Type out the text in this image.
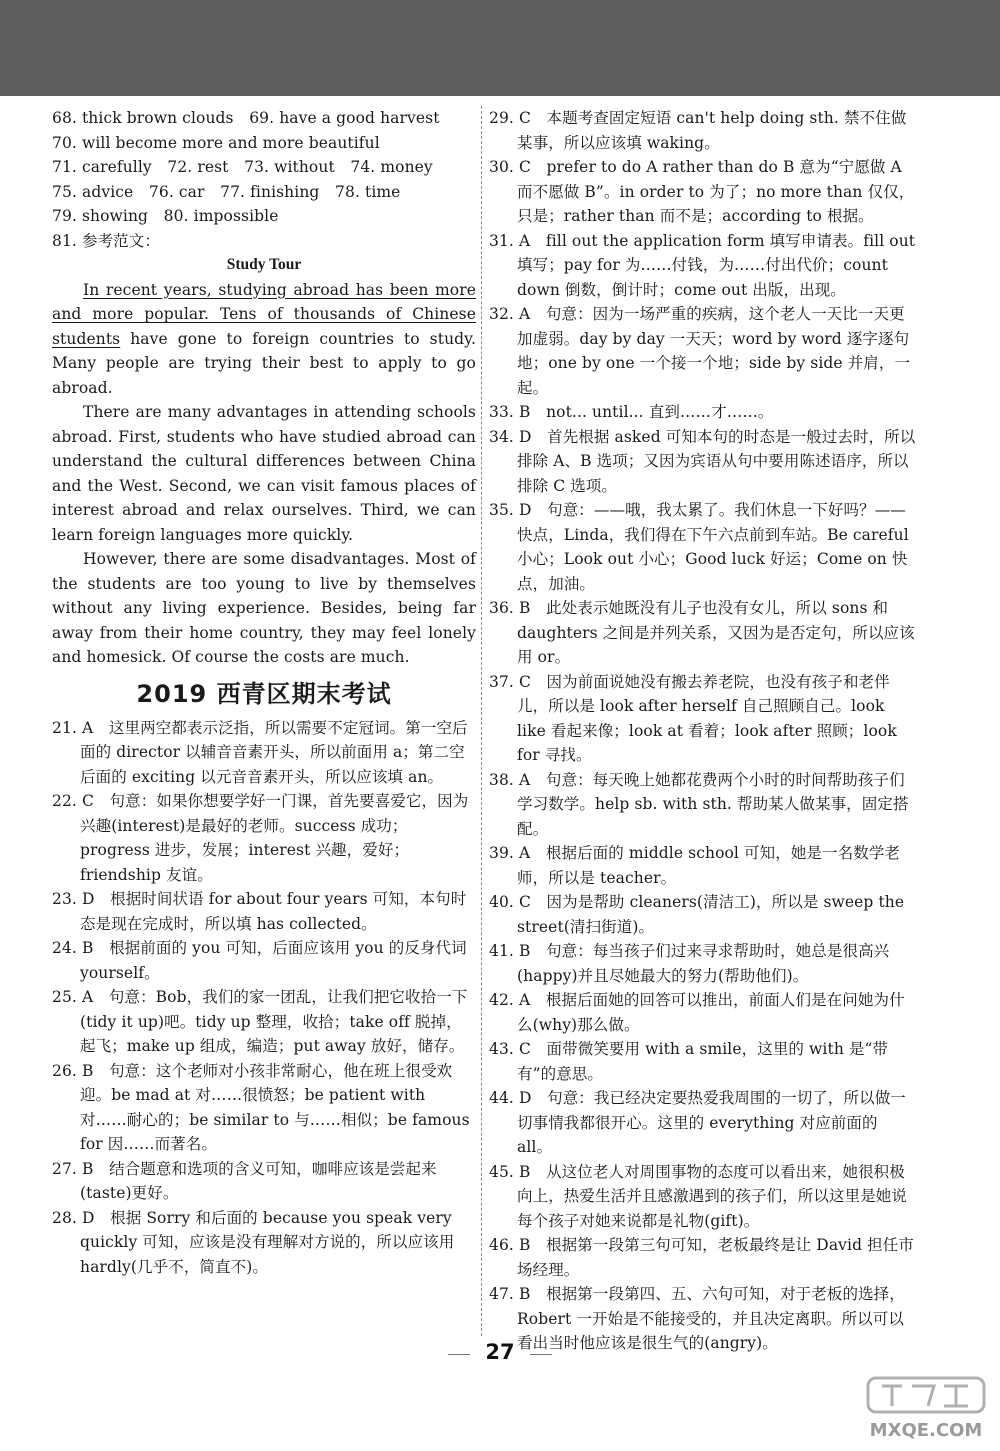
68. thick brown clouds　69. have a good harvest

70. will become more and more beautiful

71. carefully　72. rest　73. without　74. money

75. advice　76. car　77. finishing　78. time

79. showing　80. impossible

81. 参考范文：

Study Tour

In recent years, studying abroad has been more and more popular. Tens of thousands of Chinese students have gone to foreign countries to study. Many people are trying their best to apply to go abroad.

There are many advantages in attending schools abroad. First, students who have studied abroad can understand the cultural differences between China and the West. Second, we can visit famous places of interest abroad and relax ourselves. Third, we can learn foreign languages more quickly.

However, there are some disadvantages. Most of the students are too young to live by themselves without any living experience. Besides, being far away from their home country, they may feel lonely and homesick. Of course the costs are much.

2019 西青区期末考试

21. A　这里两空都表示泛指，所以需要不定冠词。第一空后面的 director 以辅音音素开头，所以前面用 a；第二空后面的 exciting 以元音音素开头，所以应该填 an。

22. C　句意：如果你想要学好一门课，首先要喜爱它，因为兴趣(interest)是最好的老师。success 成功；progress 进步，发展；interest 兴趣，爱好；friendship 友谊。

23. D　根据时间状语 for about four years 可知，本句时态是现在完成时，所以填 has collected。

24. B　根据前面的 you 可知，后面应该用 you 的反身代词 yourself。

25. A　句意：Bob，我们的家一团乱，让我们把它收拾一下(tidy it up)吧。tidy up 整理，收拾；take off 脱掉，起飞；make up 组成，编造；put away 放好，储存。

26. B　句意：这个老师对小孩非常耐心，他在班上很受欢迎。be mad at 对……很愤怒；be patient with 对……耐心的；be similar to 与……相似；be famous for 因……而著名。

27. B　结合题意和选项的含义可知，咖啡应该是尝起来(taste)更好。

28. D　根据 Sorry 和后面的 because you speak very quickly 可知，应该是没有理解对方说的，所以应该用 hardly(几乎不，简直不)。

29. C　本题考查固定短语 can't help doing sth. 禁不住做某事，所以应该填 waking。

30. C　prefer to do A rather than do B 意为“宁愿做 A 而不愿做 B”。in order to 为了；no more than 仅仅，只是；rather than 而不是；according to 根据。

31. A　fill out the application form 填写申请表。fill out 填写；pay for 为……付钱，为……付出代价；count down 倒数，倒计时；come out 出版，出现。

32. A　句意：因为一场严重的疾病，这个老人一天比一天更加虚弱。day by day 一天天；word by word 逐字逐句地；one by one 一个接一个地；side by side 并肩，一起。

33. B　not... until... 直到……才……。

34. D　首先根据 asked 可知本句的时态是一般过去时，所以排除 A、B 选项；又因为宾语从句中要用陈述语序，所以排除 C 选项。

35. D　句意：——哦，我太累了。我们休息一下好吗？——快点，Linda，我们得在下午六点前到车站。Be careful 小心；Look out 小心；Good luck 好运；Come on 快点，加油。

36. B　此处表示她既没有儿子也没有女儿，所以 sons 和 daughters 之间是并列关系，又因为是否定句，所以应该用 or。

37. C　因为前面说她没有搬去养老院，也没有孩子和老伴儿，所以是 look after herself 自己照顾自己。look like 看起来像；look at 看着；look after 照顾；look for 寻找。

38. A　句意：每天晚上她都花费两个小时的时间帮助孩子们学习数学。help sb. with sth. 帮助某人做某事，固定搭配。

39. A　根据后面的 middle school 可知，她是一名数学老师，所以是 teacher。

40. C　因为是帮助 cleaners(清洁工)，所以是 sweep the street(清扫街道)。

41. B　句意：每当孩子们过来寻求帮助时，她总是很高兴(happy)并且尽她最大的努力(帮助他们)。

42. A　根据后面她的回答可以推出，前面人们是在问她为什么(why)那么做。

43. C　面带微笑要用 with a smile，这里的 with 是“带有”的意思。

44. D　句意：我已经决定要热爱我周围的一切了，所以做一切事情我都很开心。这里的 everything 对应前面的 all。

45. B　从这位老人对周围事物的态度可以看出来，她很积极向上，热爱生活并且感激遇到的孩子们，所以这里是她说每个孩子对她来说都是礼物(gift)。

46. B　根据第一段第三句可知，老板最终是让 David 担任市场经理。

47. B　根据第一段第四、五、六句可知，对于老板的选择，Robert 一开始是不能接受的，并且决定离职。所以可以看出当时他应该是很生气的(angry)。

27
MXQE.COM
